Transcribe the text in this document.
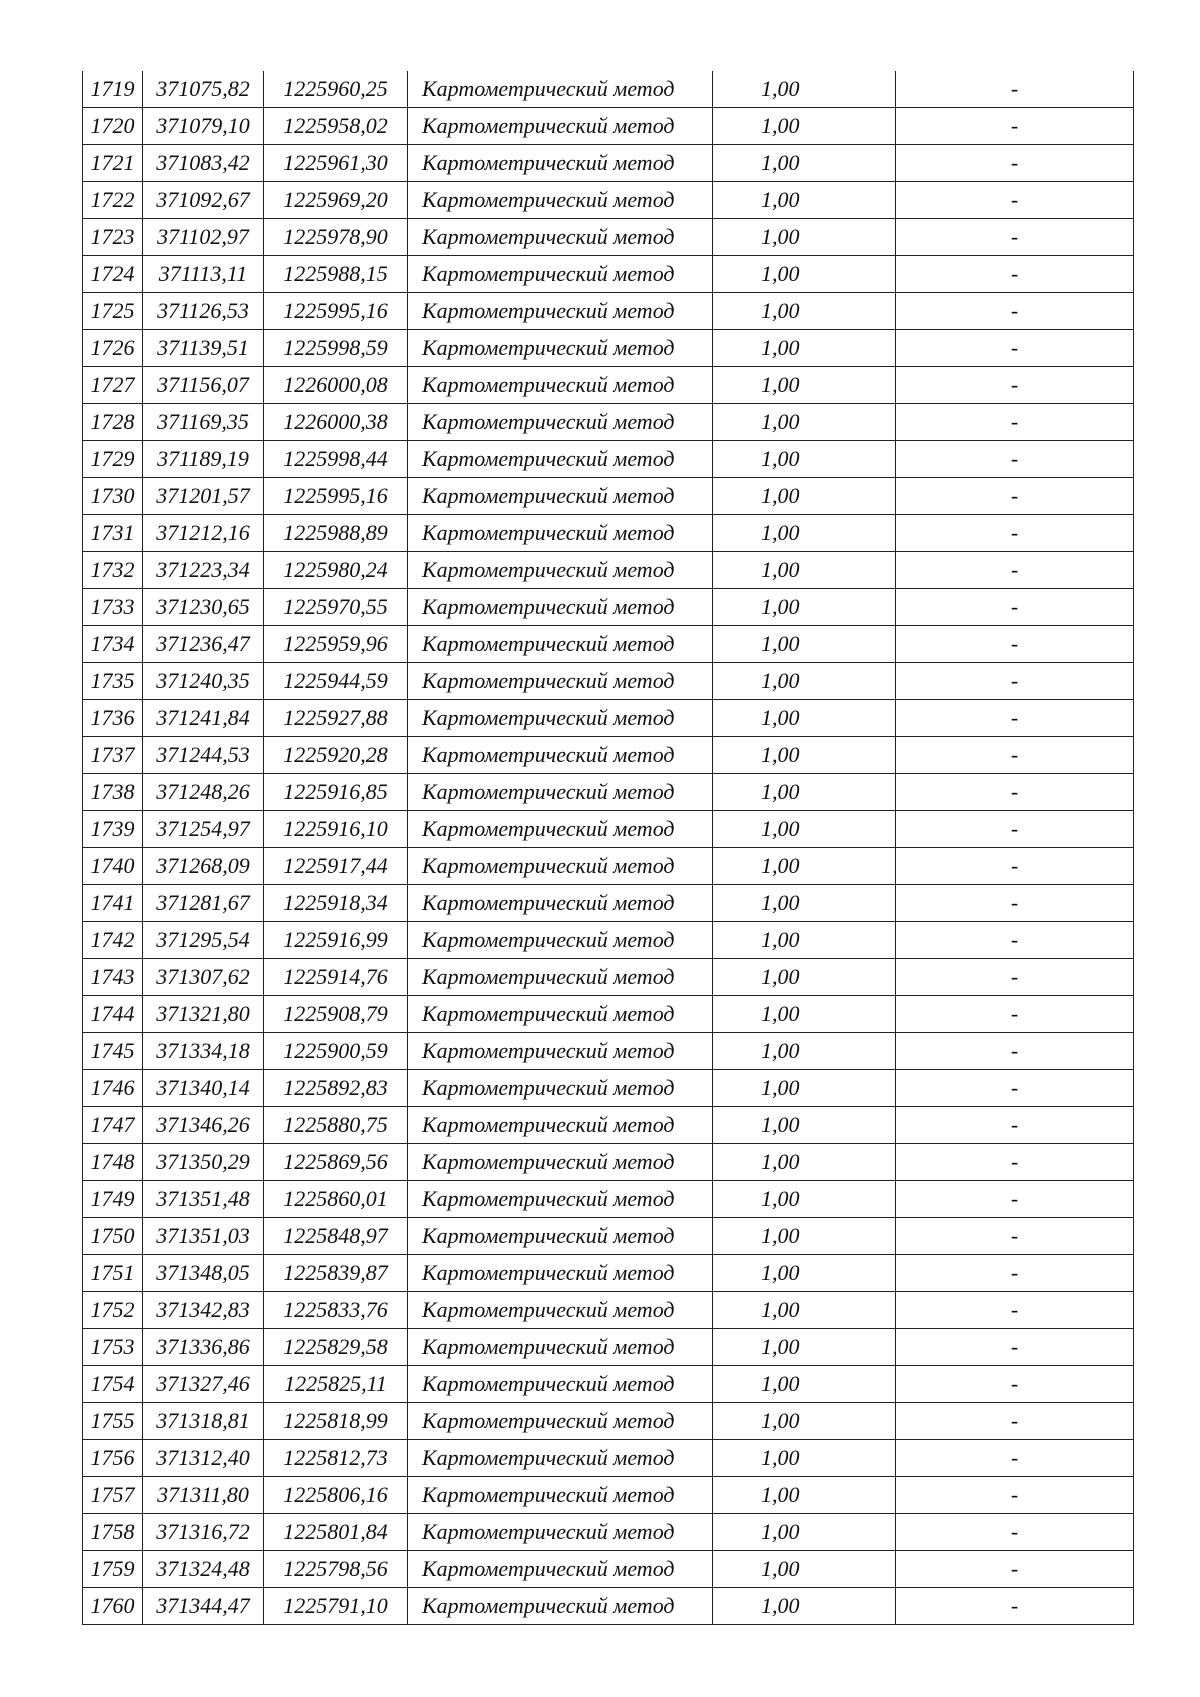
1719	371075,82	1225960,25	Картометрический метод	1,00	-
1720	371079,10	1225958,02	Картометрический метод	1,00	-
1721	371083,42	1225961,30	Картометрический метод	1,00	-
1722	371092,67	1225969,20	Картометрический метод	1,00	-
1723	371102,97	1225978,90	Картометрический метод	1,00	-
1724	371113,11	1225988,15	Картометрический метод	1,00	-
1725	371126,53	1225995,16	Картометрический метод	1,00	-
1726	371139,51	1225998,59	Картометрический метод	1,00	-
1727	371156,07	1226000,08	Картометрический метод	1,00	-
1728	371169,35	1226000,38	Картометрический метод	1,00	-
1729	371189,19	1225998,44	Картометрический метод	1,00	-
1730	371201,57	1225995,16	Картометрический метод	1,00	-
1731	371212,16	1225988,89	Картометрический метод	1,00	-
1732	371223,34	1225980,24	Картометрический метод	1,00	-
1733	371230,65	1225970,55	Картометрический метод	1,00	-
1734	371236,47	1225959,96	Картометрический метод	1,00	-
1735	371240,35	1225944,59	Картометрический метод	1,00	-
1736	371241,84	1225927,88	Картометрический метод	1,00	-
1737	371244,53	1225920,28	Картометрический метод	1,00	-
1738	371248,26	1225916,85	Картометрический метод	1,00	-
1739	371254,97	1225916,10	Картометрический метод	1,00	-
1740	371268,09	1225917,44	Картометрический метод	1,00	-
1741	371281,67	1225918,34	Картометрический метод	1,00	-
1742	371295,54	1225916,99	Картометрический метод	1,00	-
1743	371307,62	1225914,76	Картометрический метод	1,00	-
1744	371321,80	1225908,79	Картометрический метод	1,00	-
1745	371334,18	1225900,59	Картометрический метод	1,00	-
1746	371340,14	1225892,83	Картометрический метод	1,00	-
1747	371346,26	1225880,75	Картометрический метод	1,00	-
1748	371350,29	1225869,56	Картометрический метод	1,00	-
1749	371351,48	1225860,01	Картометрический метод	1,00	-
1750	371351,03	1225848,97	Картометрический метод	1,00	-
1751	371348,05	1225839,87	Картометрический метод	1,00	-
1752	371342,83	1225833,76	Картометрический метод	1,00	-
1753	371336,86	1225829,58	Картометрический метод	1,00	-
1754	371327,46	1225825,11	Картометрический метод	1,00	-
1755	371318,81	1225818,99	Картометрический метод	1,00	-
1756	371312,40	1225812,73	Картометрический метод	1,00	-
1757	371311,80	1225806,16	Картометрический метод	1,00	-
1758	371316,72	1225801,84	Картометрический метод	1,00	-
1759	371324,48	1225798,56	Картометрический метод	1,00	-
1760	371344,47	1225791,10	Картометрический метод	1,00	-
